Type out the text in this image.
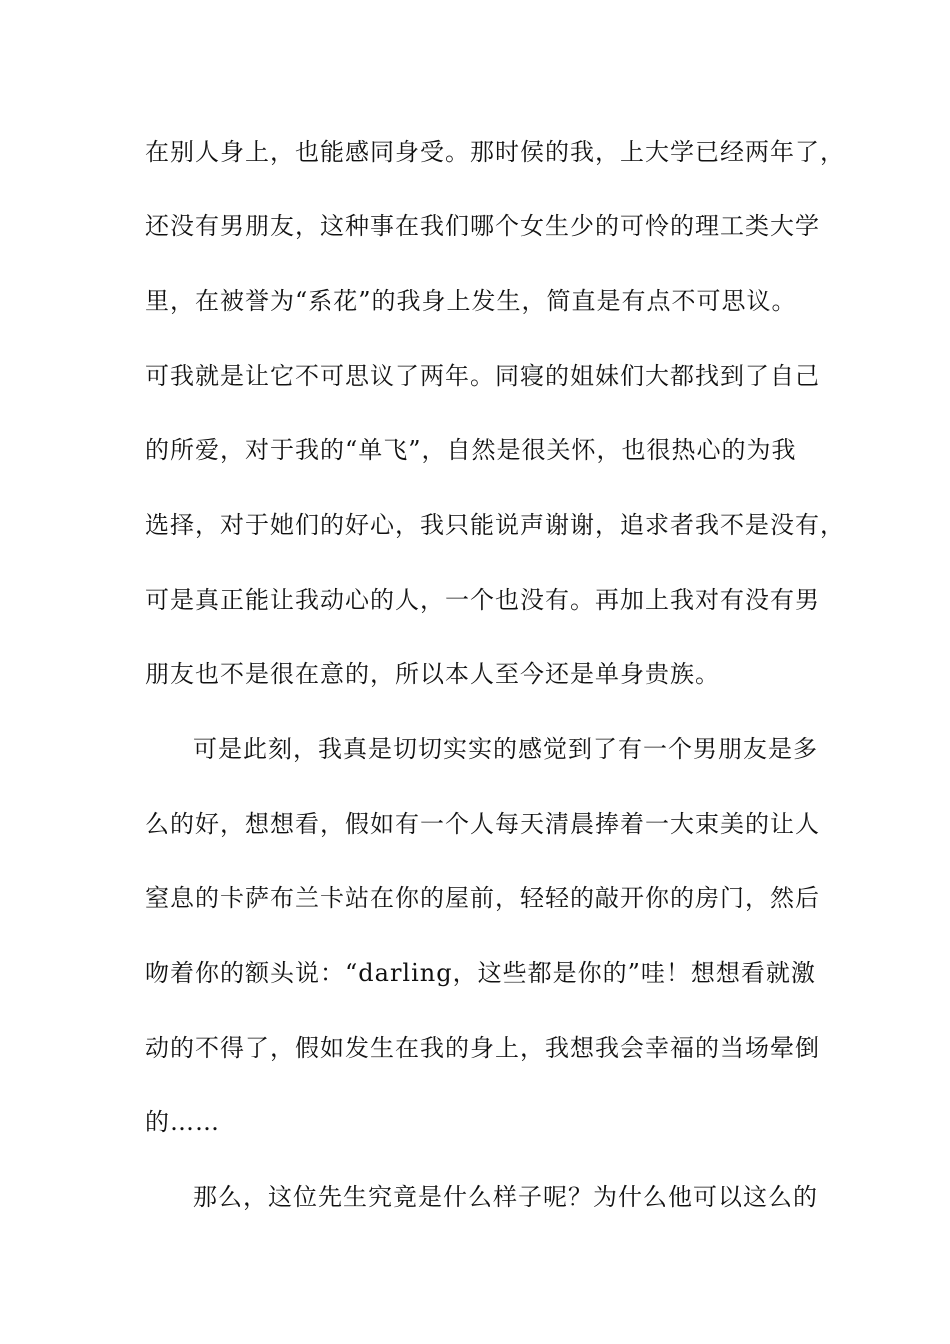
在别人身上，也能感同身受。那时侯的我，上大学已经两年了，
还没有男朋友，这种事在我们哪个女生少的可怜的理工类大学
里，在被誉为“系花”的我身上发生，简直是有点不可思议。
可我就是让它不可思议了两年。同寝的姐妹们大都找到了自己
的所爱，对于我的“单飞”，自然是很关怀，也很热心的为我
选择，对于她们的好心，我只能说声谢谢，追求者我不是没有，
可是真正能让我动心的人，一个也没有。再加上我对有没有男
朋友也不是很在意的，所以本人至今还是单身贵族。
可是此刻，我真是切切实实的感觉到了有一个男朋友是多
么的好，想想看，假如有一个人每天清晨捧着一大束美的让人
窒息的卡萨布兰卡站在你的屋前，轻轻的敲开你的房门，然后
吻着你的额头说：“darling，这些都是你的”哇！想想看就激
动的不得了，假如发生在我的身上，我想我会幸福的当场晕倒
的……
那么，这位先生究竟是什么样子呢？为什么他可以这么的
